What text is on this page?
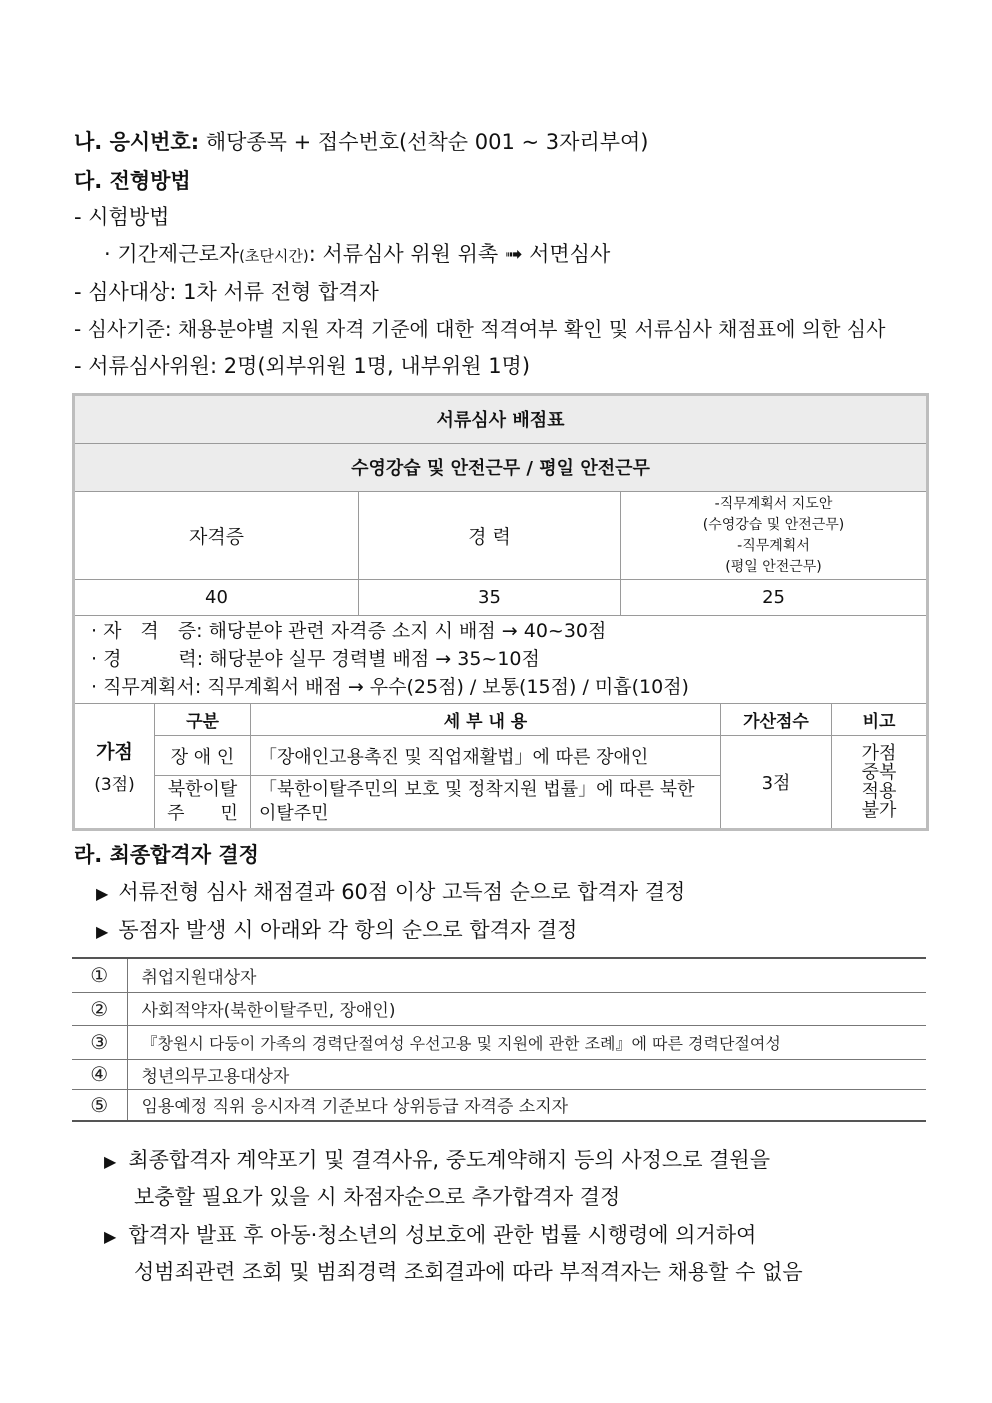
나. 응시번호: 해당종목 + 접수번호(선착순 001 ~ 3자리부여)
다. 전형방법
- 시험방법
· 기간제근로자(초단시간): 서류심사 위원 위촉 ➟ 서면심사
- 심사대상: 1차 서류 전형 합격자
- 심사기준: 채용분야별 지원 자격 기준에 대한 적격여부 확인 및 서류심사 채점표에 의한 심사
- 서류심사위원: 2명(외부위원 1명, 내부위원 1명)
서류심사 배점표						
수영강습 및 안전근무 / 평일 안전근무						
자격증			경 력	-직무계획서 지도안
(수영강습 및 안전근무)
-직무계획서
(평일 안전근무)		

40			35	25		

· 자　격　증: 해당분야 관련 자격증 소지 시 배점 → 40~30점
· 경　　　력: 해당분야 실무 경력별 배점 → 35~10점
· 직무계획서: 직무계획서 배점 → 우수(25점) / 보통(15점) / 미흡(10점)						

가점
(3점)	구분	세 부 내 용			가산점수	비고
	장 애 인	「장애인고용촉진 및 직업재활법」에 따른 장애인			3점	가점 중복 적용 불가
	북한이탈 주　　민	「북한이탈주민의 보호 및 정착지원 법률」에 따른 북한이탈주민				
라. 최종합격자 결정
▶ 서류전형 심사 채점결과 60점 이상 고득점 순으로 합격자 결정
▶ 동점자 발생 시 아래와 각 항의 순으로 합격자 결정
①	취업지원대상자
②	사회적약자(북한이탈주민, 장애인)
③	『창원시 다둥이 가족의 경력단절여성 우선고용 및 지원에 관한 조례』에 따른 경력단절여성
④	청년의무고용대상자
⑤	임용예정 직위 응시자격 기준보다 상위등급 자격증 소지자
▶ 최종합격자 계약포기 및 결격사유, 중도계약해지 등의 사정으로 결원을
보충할 필요가 있을 시 차점자순으로 추가합격자 결정
▶ 합격자 발표 후 아동·청소년의 성보호에 관한 법률 시행령에 의거하여
성범죄관련 조회 및 범죄경력 조회결과에 따라 부적격자는 채용할 수 없음
